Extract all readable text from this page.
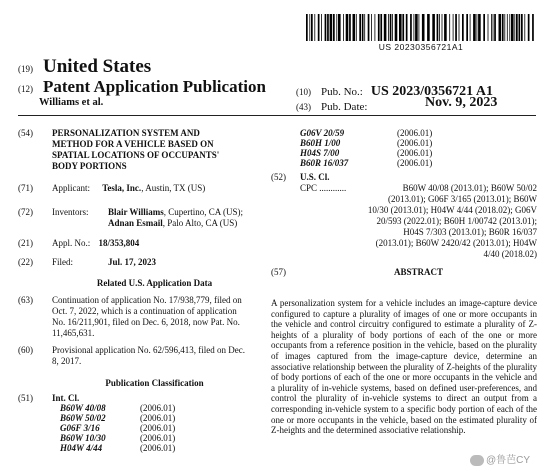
US 20230356721A1
(19) United States
(12) Patent Application Publication
Williams et al.
(10) Pub. No.: US 2023/0356721 A1
(43) Pub. Date:	Nov. 9, 2023
(54) PERSONALIZATION SYSTEM AND
METHOD FOR A VEHICLE BASED ON
SPATIAL LOCATIONS OF OCCUPANTS'
BODY PORTIONS
(71) Applicant: Tesla, Inc., Austin, TX (US)
(72) Inventors: Blair Williams, Cupertino, CA (US);
Adnan Esmail, Palo Alto, CA (US)
(21) Appl. No.: 18/353,804
(22) Filed:	Jul. 17, 2023
Related U.S. Application Data
(63) Continuation of application No. 17/938,779, filed on
Oct. 7, 2022, which is a continuation of application
No. 16/211,901, filed on Dec. 6, 2018, now Pat. No.
11,465,631.
(60) Provisional application No. 62/596,413, filed on Dec.
8, 2017.
Publication Classification
(51) Int. Cl.
B60W 40/08	(2006.01)
B60W 50/02	(2006.01)
G06F 3/16	(2006.01)
B60W 10/30	(2006.01)
H04W 4/44	(2006.01)
G06V 20/59	(2006.01)
B60H 1/00	(2006.01)
H04S 7/00	(2006.01)
B60R 16/037	(2006.01)
(52) U.S. Cl.
CPC ............	B60W 40/08 (2013.01); B60W 50/02
(2013.01); G06F 3/165 (2013.01); B60W
10/30 (2013.01); H04W 4/44 (2018.02); G06V
20/593 (2022.01); B60H 1/00742 (2013.01);
H04S 7/303 (2013.01); B60R 16/037
(2013.01); B60W 2420/42 (2013.01); H04W
4/40 (2018.02)
(57)	ABSTRACT
A personalization system for a vehicle includes an image-capture device configured to capture a plurality of images of one or more occupants in the vehicle and control circuitry configured to estimate a plurality of Z-heights of a plurality of body portions of each of the one or more occupants from a reference position in the vehicle, based on the plurality of images captured from the image-capture device, determine an associative relationship between the plurality of Z-heights of the plurality of body portions of each of the one or more occupants in the vehicle and a plurality of in-vehicle systems, based on defined user-preferences, and control the plurality of in-vehicle systems to direct an output from a corresponding in-vehicle system to a specific body portion of each of the one or more occupants in the vehicle, based on the estimated plurality of Z-heights and the determined associative relationship.
@鲁芭CY
